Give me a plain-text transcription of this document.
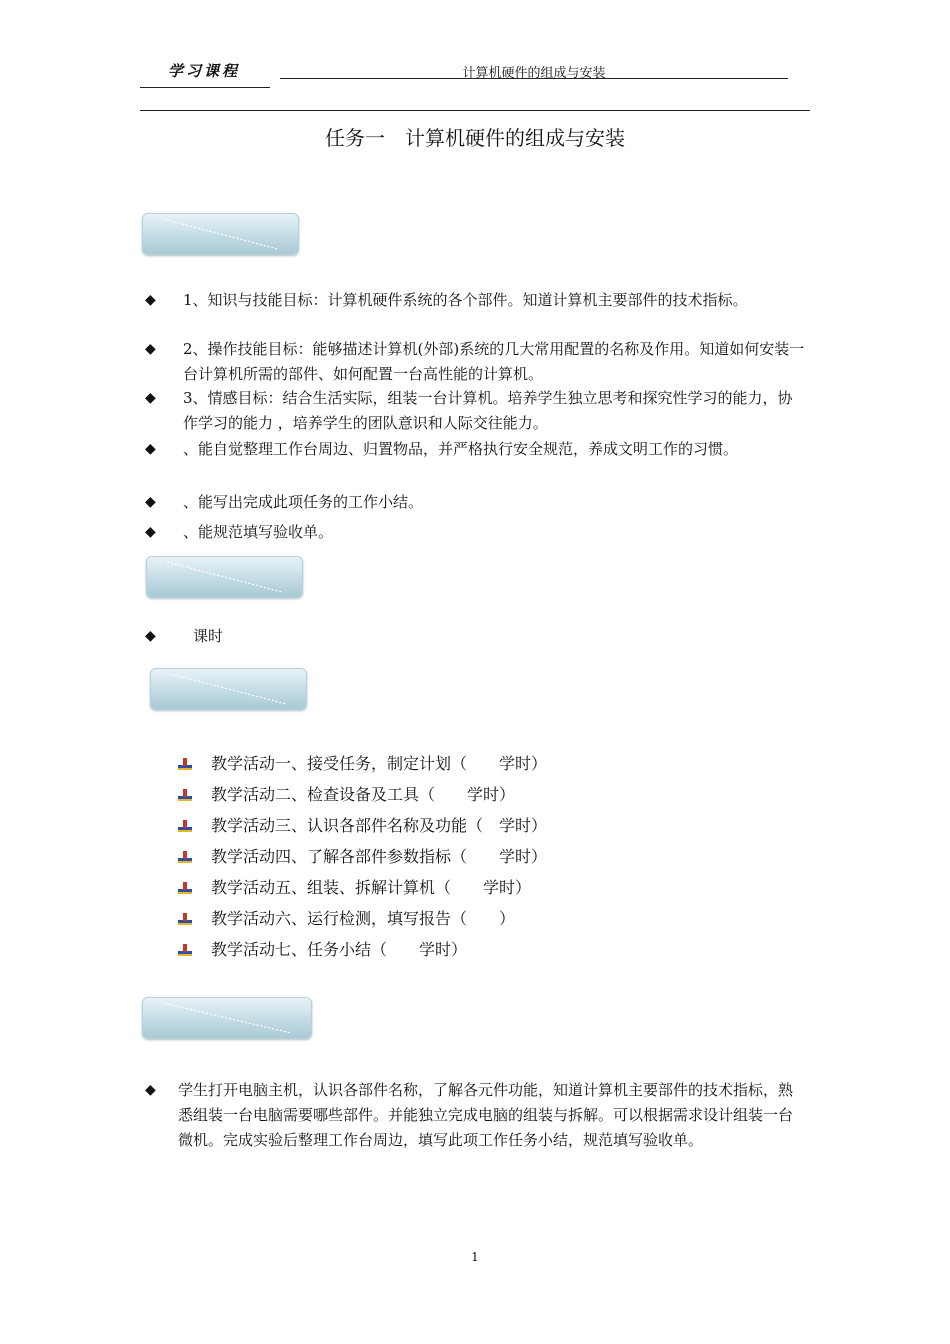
学习课程	计算机硬件的组成与安装
任务一　计算机硬件的组成与安装
◆ 1、知识与技能目标：计算机硬件系统的各个部件。知道计算机主要部件的技术指标。
◆ 2、操作技能目标：能够描述计算机(外部)系统的几大常用配置的名称及作用。知道如何安装一台计算机所需的部件、如何配置一台高性能的计算机。
◆ 3、情感目标：结合生活实际，组装一台计算机。培养学生独立思考和探究性学习的能力，协作学习的能力 ，培养学生的团队意识和人际交往能力。
◆ 、能自觉整理工作台周边、归置物品，并严格执行安全规范，养成文明工作的习惯。
◆ 、能写出完成此项任务的工作小结。
◆ 、能规范填写验收单。
◆ 课时
教学活动一、接受任务，制定计划（　　学时）
教学活动二、检查设备及工具（　　学时）
教学活动三、认识各部件名称及功能（　学时）
教学活动四、了解各部件参数指标（　　学时）
教学活动五、组装、拆解计算机（　　学时）
教学活动六、运行检测，填写报告（　　）
教学活动七、任务小结（　　学时）
◆ 学生打开电脑主机，认识各部件名称，了解各元件功能，知道计算机主要部件的技术指标，熟悉组装一台电脑需要哪些部件。并能独立完成电脑的组装与拆解。可以根据需求设计组装一台微机。完成实验后整理工作台周边，填写此项工作任务小结，规范填写验收单。
1
